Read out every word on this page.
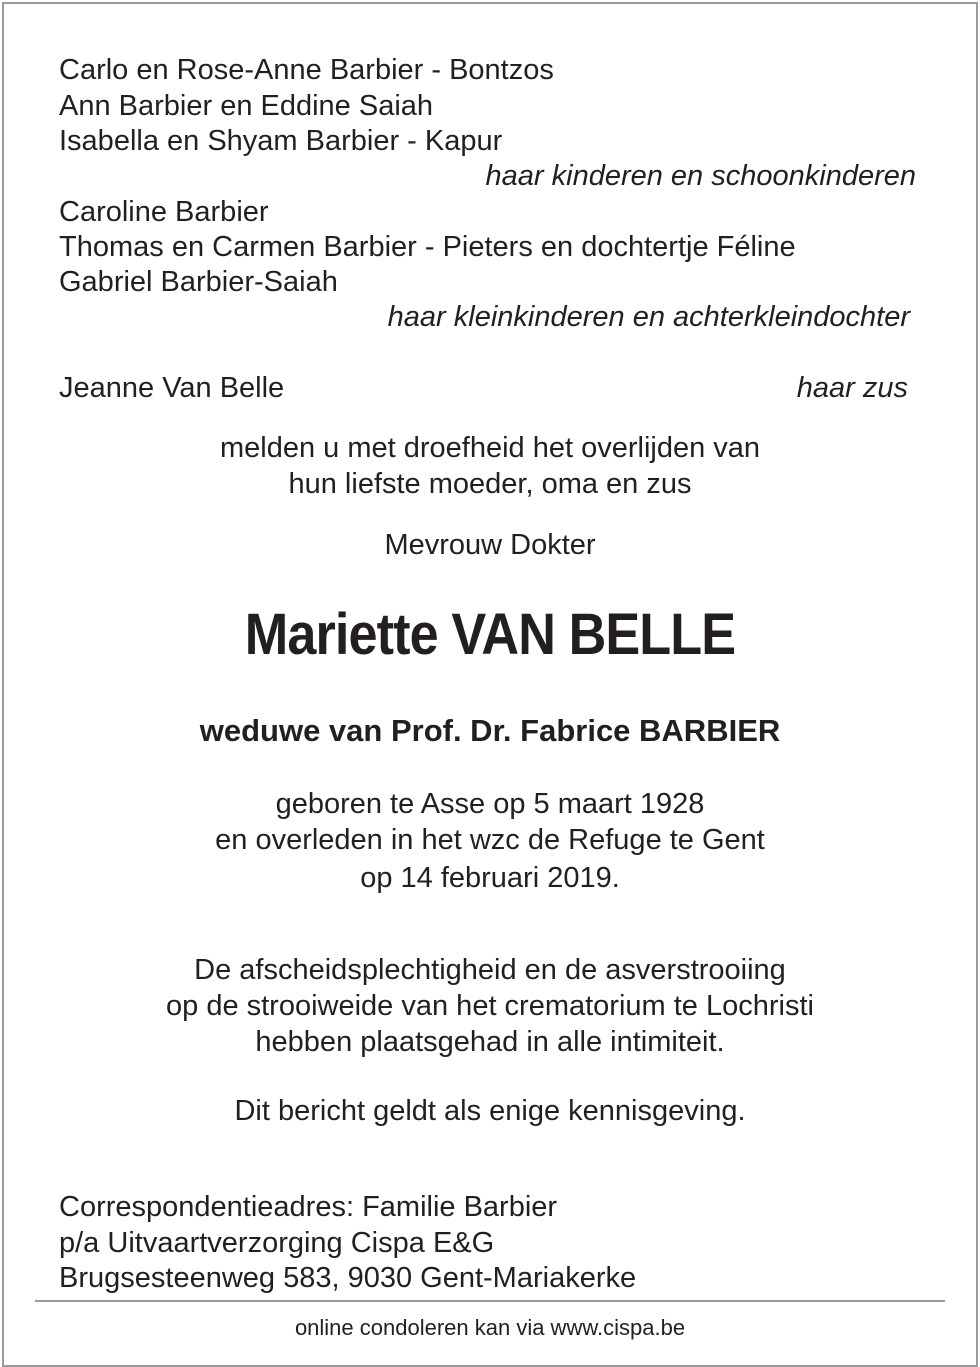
Carlo en Rose-Anne Barbier - Bontzos
Ann Barbier en Eddine Saiah
Isabella en Shyam Barbier - Kapur
haar kinderen en schoonkinderen
Caroline Barbier
Thomas en Carmen Barbier - Pieters en dochtertje Féline
Gabriel Barbier-Saiah
haar kleinkinderen en achterkleindochter
Jeanne Van Belle	haar zus
melden u met droefheid het overlijden van
hun liefste moeder, oma en zus
Mevrouw Dokter
Mariette VAN BELLE
weduwe van Prof. Dr. Fabrice BARBIER
geboren te Asse op 5 maart 1928
en overleden in het wzc de Refuge te Gent
op 14 februari 2019.
De afscheidsplechtigheid en de asverstrooiing
op de strooiweide van het crematorium te Lochristi
hebben plaatsgehad in alle intimiteit.
Dit bericht geldt als enige kennisgeving.
Correspondentieadres: Familie Barbier
p/a Uitvaartverzorging Cispa E&G
Brugsesteenweg 583, 9030 Gent-Mariakerke
online condoleren kan via www.cispa.be
